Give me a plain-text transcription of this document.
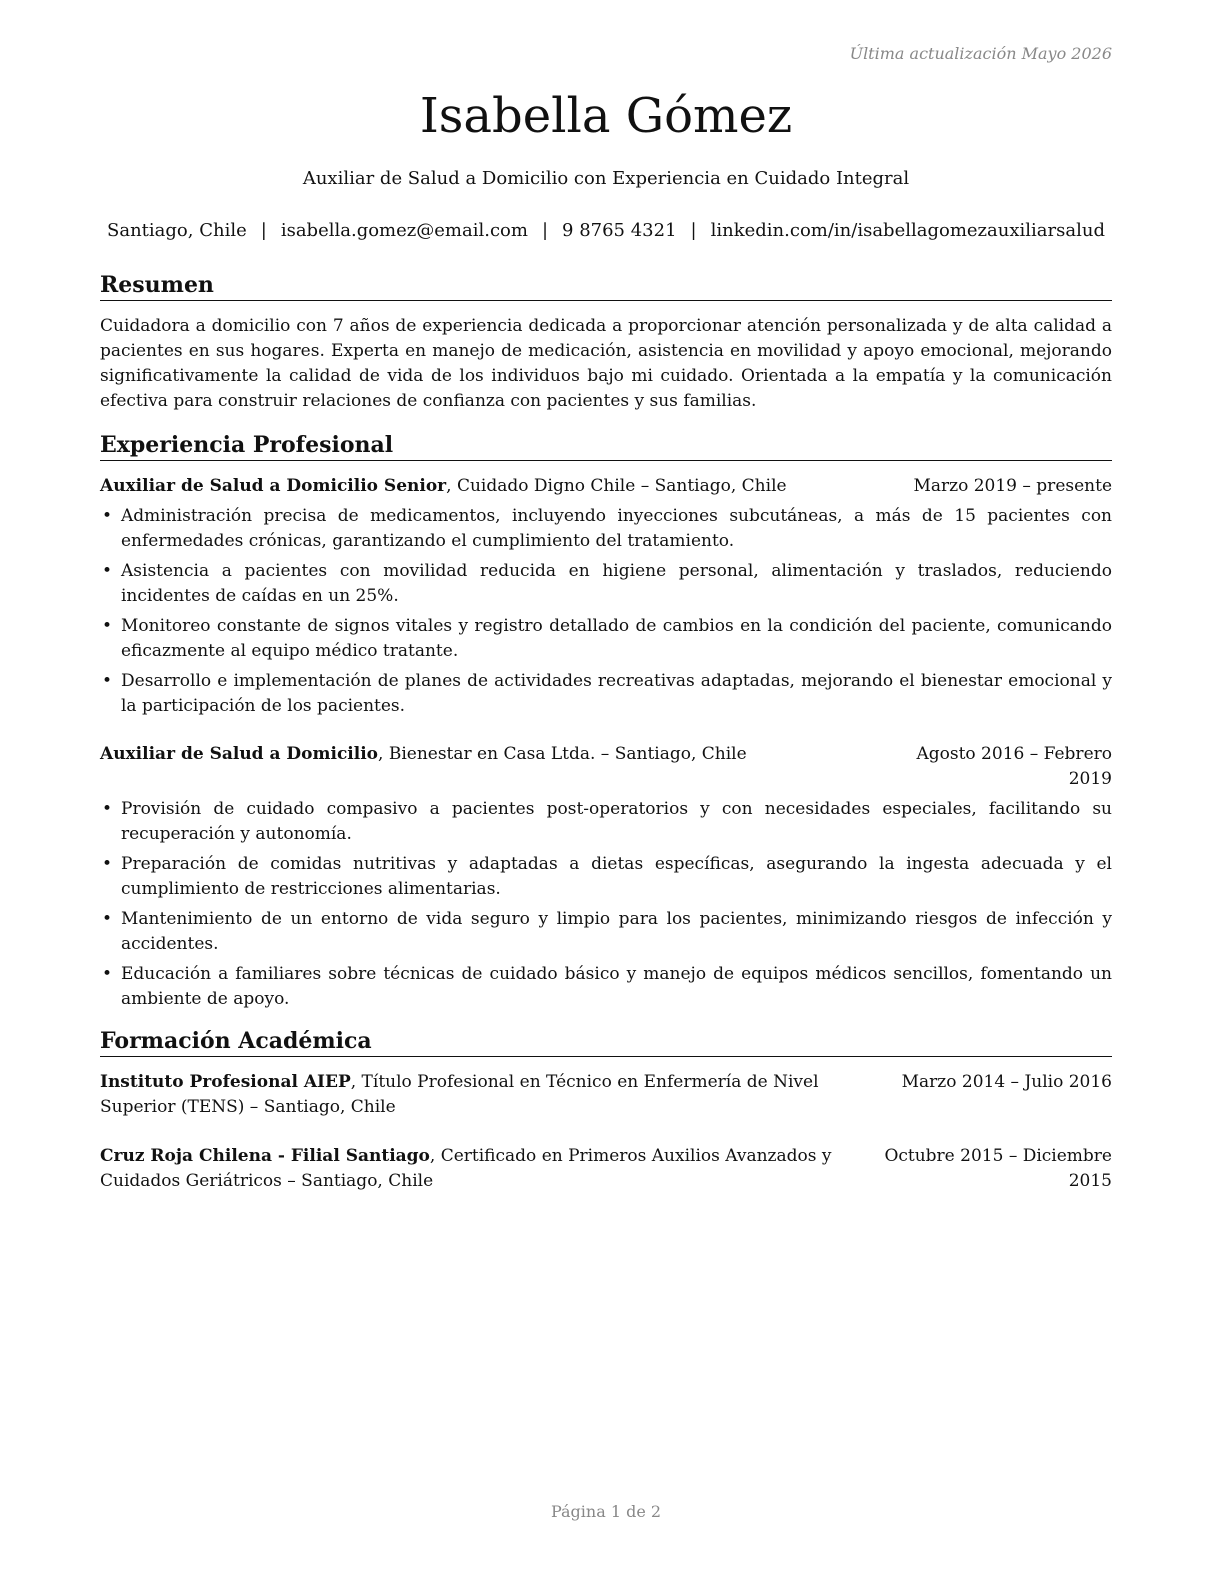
Última actualización Mayo 2026
Isabella Gómez
Auxiliar de Salud a Domicilio con Experiencia en Cuidado Integral
Santiago, Chile | isabella.gomez@email.com | 9 8765 4321 | linkedin.com/in/isabellagomezauxiliarsalud
Resumen

Cuidadora a domicilio con 7 años de experiencia dedicada a proporcionar atención personalizada y de alta calidad a pacientes en sus hogares. Experta en manejo de medicación, asistencia en movilidad y apoyo emocional, mejorando significativamente la calidad de vida de los individuos bajo mi cuidado. Orientada a la empatía y la comunicación efectiva para construir relaciones de confianza con pacientes y sus familias.

Experiencia Profesional
Auxiliar de Salud a Domicilio Senior, Cuidado Digno Chile – Santiago, Chile	Marzo 2019 – presente
• Administración precisa de medicamentos, incluyendo inyecciones subcutáneas, a más de 15 pacientes con enfermedades crónicas, garantizando el cumplimiento del tratamiento.
• Asistencia a pacientes con movilidad reducida en higiene personal, alimentación y traslados, reduciendo incidentes de caídas en un 25%.
• Monitoreo constante de signos vitales y registro detallado de cambios en la condición del paciente, comunicando eficazmente al equipo médico tratante.
• Desarrollo e implementación de planes de actividades recreativas adaptadas, mejorando el bienestar emocional y la participación de los pacientes.
Auxiliar de Salud a Domicilio, Bienestar en Casa Ltda. – Santiago, Chile	Agosto 2016 – Febrero 2019
• Provisión de cuidado compasivo a pacientes post-operatorios y con necesidades especiales, facilitando su recuperación y autonomía.
• Preparación de comidas nutritivas y adaptadas a dietas específicas, asegurando la ingesta adecuada y el cumplimiento de restricciones alimentarias.
• Mantenimiento de un entorno de vida seguro y limpio para los pacientes, minimizando riesgos de infección y accidentes.
• Educación a familiares sobre técnicas de cuidado básico y manejo de equipos médicos sencillos, fomentando un ambiente de apoyo.
Formación Académica
Instituto Profesional AIEP, Título Profesional en Técnico en Enfermería de Nivel Superior (TENS) – Santiago, Chile
Marzo 2014 – Julio 2016
Cruz Roja Chilena - Filial Santiago, Certificado en Primeros Auxilios Avanzados y Cuidados Geriátricos – Santiago, Chile
Octubre 2015 – Diciembre 2015
Página 1 de 2
